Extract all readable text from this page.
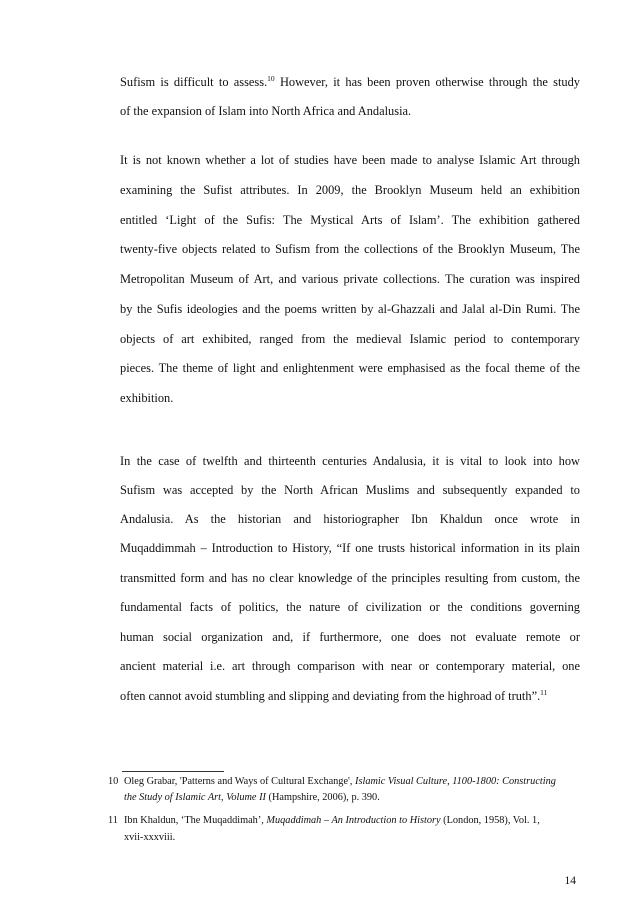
Sufism is difficult to assess.$^{10}$ However, it has been proven otherwise through the study
of the expansion of Islam into North Africa and Andalusia.
It is not known whether a lot of studies have been made to analyse Islamic Art through
examining the Sufist attributes. In 2009, the Brooklyn Museum held an exhibition
entitled ‘Light of the Sufis: The Mystical Arts of Islam’. The exhibition gathered
twenty-five objects related to Sufism from the collections of the Brooklyn Museum, The
Metropolitan Museum of Art, and various private collections. The curation was inspired
by the Sufis ideologies and the poems written by al-Ghazzali and Jalal al-Din Rumi. The
objects of art exhibited, ranged from the medieval Islamic period to contemporary
pieces. The theme of light and enlightenment were emphasised as the focal theme of the
exhibition.
In the case of twelfth and thirteenth centuries Andalusia, it is vital to look into how
Sufism was accepted by the North African Muslims and subsequently expanded to
Andalusia. As the historian and historiographer Ibn Khaldun once wrote in
Muqaddimmah – Introduction to History, “If one trusts historical information in its plain
transmitted form and has no clear knowledge of the principles resulting from custom, the
fundamental facts of politics, the nature of civilization or the conditions governing
human social organization and, if furthermore, one does not evaluate remote or
ancient material i.e. art through comparison with near or contemporary material, one
often cannot avoid stumbling and slipping and deviating from the highroad of truth”.$^{11}$
10 Oleg Grabar, 'Patterns and Ways of Cultural Exchange', Islamic Visual Culture, 1100-1800: Constructing
the Study of Islamic Art, Volume II (Hampshire, 2006), p. 390.
11 Ibn Khaldun, ‘The Muqaddimah’, Muqaddimah – An Introduction to History (London, 1958), Vol. 1,
xvii-xxxviii.
14
